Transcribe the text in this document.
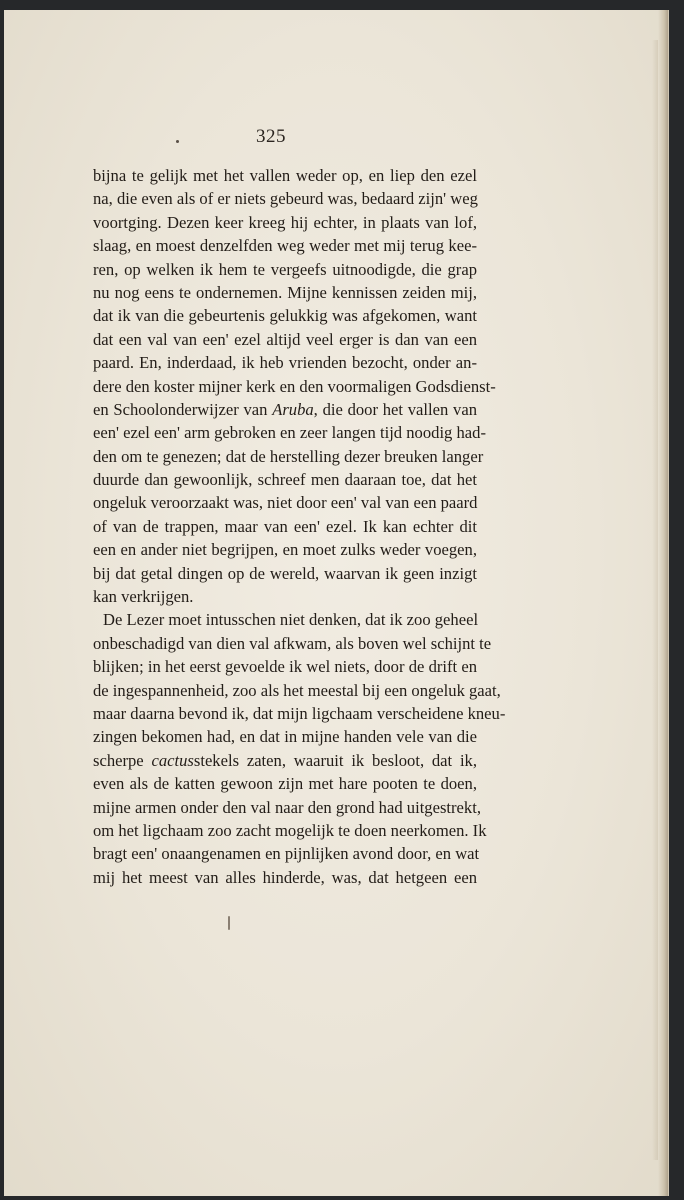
325
bijna te gelijk met het vallen weder op, en liep den ezel
na, die even als of er niets gebeurd was, bedaard zijn' weg
voortging. Dezen keer kreeg hij echter, in plaats van lof,
slaag, en moest denzelfden weg weder met mij terug kee-
ren, op welken ik hem te vergeefs uitnoodigde, die grap
nu nog eens te ondernemen. Mijne kennissen zeiden mij,
dat ik van die gebeurtenis gelukkig was afgekomen, want
dat een val van een' ezel altijd veel erger is dan van een
paard. En, inderdaad, ik heb vrienden bezocht, onder an-
dere den koster mijner kerk en den voormaligen Godsdienst-
en Schoolonderwijzer van Aruba, die door het vallen van
een' ezel een' arm gebroken en zeer langen tijd noodig had-
den om te genezen; dat de herstelling dezer breuken langer
duurde dan gewoonlijk, schreef men daaraan toe, dat het
ongeluk veroorzaakt was, niet door een' val van een paard
of van de trappen, maar van een' ezel. Ik kan echter dit
een en ander niet begrijpen, en moet zulks weder voegen,
bij dat getal dingen op de wereld, waarvan ik geen inzigt
kan verkrijgen.
De Lezer moet intusschen niet denken, dat ik zoo geheel
onbeschadigd van dien val afkwam, als boven wel schijnt te
blijken; in het eerst gevoelde ik wel niets, door de drift en
de ingespannenheid, zoo als het meestal bij een ongeluk gaat,
maar daarna bevond ik, dat mijn ligchaam verscheidene kneu-
zingen bekomen had, en dat in mijne handen vele van die
scherpe cactusstekels zaten, waaruit ik besloot, dat ik,
even als de katten gewoon zijn met hare pooten te doen,
mijne armen onder den val naar den grond had uitgestrekt,
om het ligchaam zoo zacht mogelijk te doen neerkomen. Ik
bragt een' onaangenamen en pijnlijken avond door, en wat
mij het meest van alles hinderde, was, dat hetgeen een
